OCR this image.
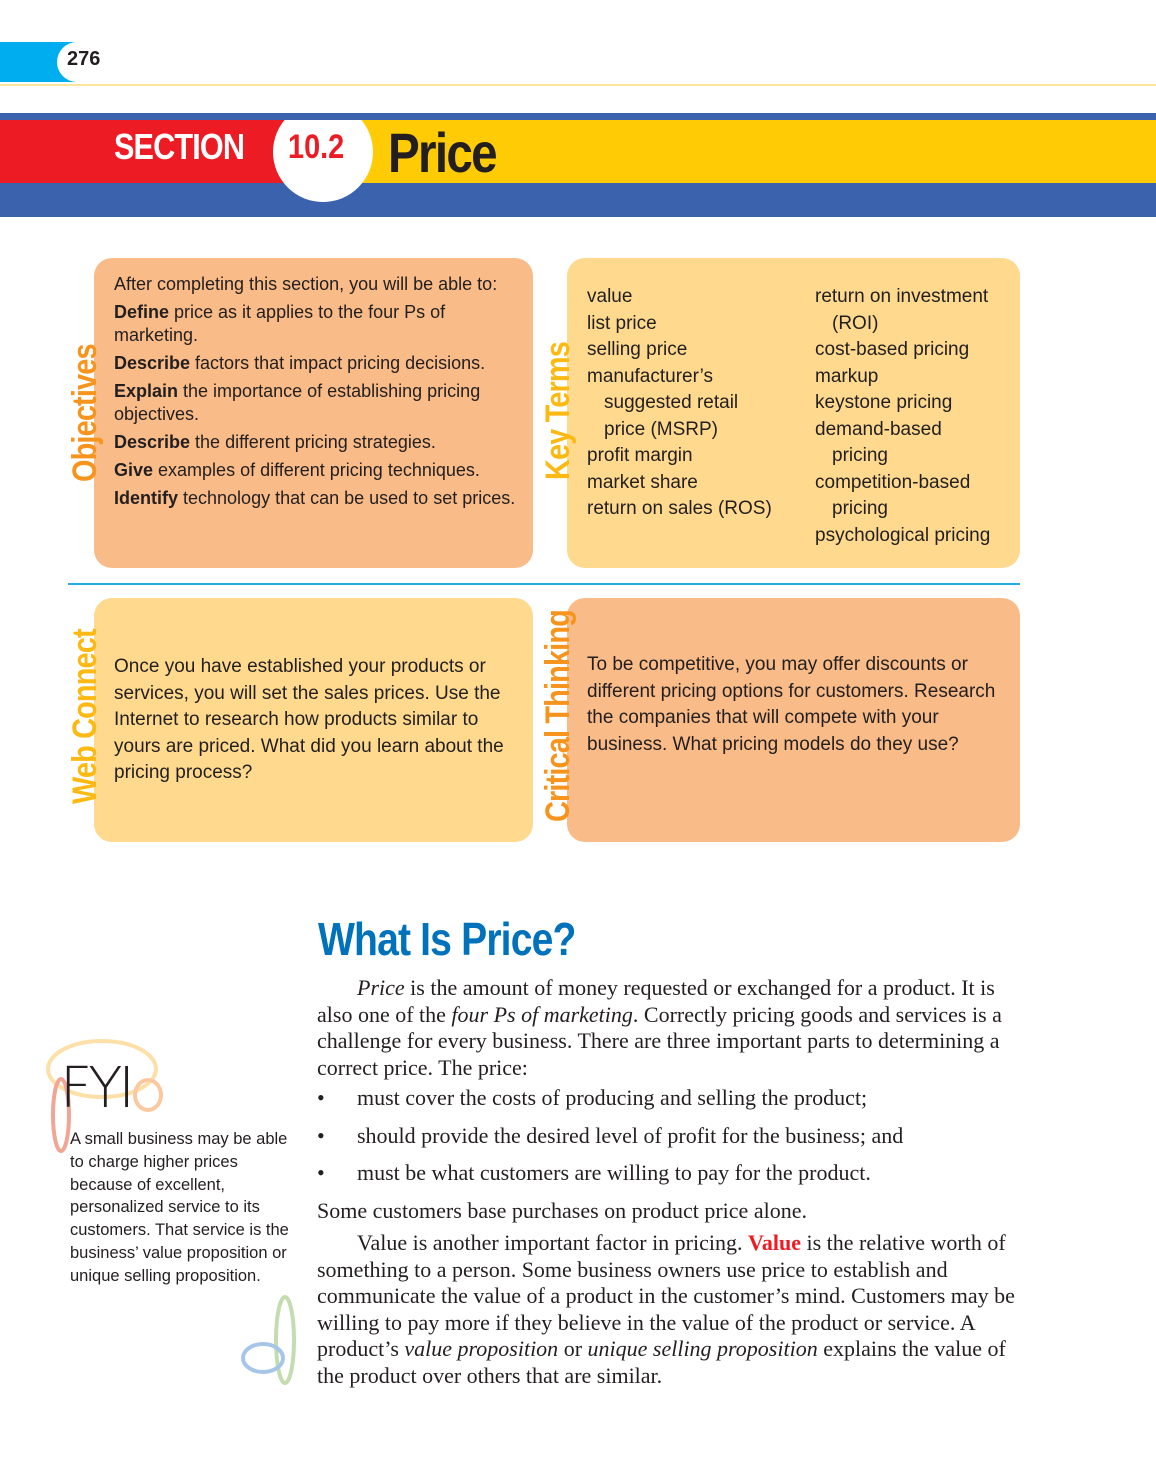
276
SECTION 10.2 Price
Objectives

After completing this section, you will be able to:

Define price as it applies to the four Ps of marketing.

Describe factors that impact pricing decisions.

Explain the importance of establishing pricing objectives.

Describe the different pricing strategies.

Give examples of different pricing techniques.

Identify technology that can be used to set prices.

Key Terms
value
list price
selling price
manufacturer’s
suggested retail
price (MSRP)
profit margin
market share
return on sales (ROS)
return on investment
(ROI)
cost-based pricing
markup
keystone pricing
demand-based
pricing
competition-based
pricing
psychological pricing
Web Connect Once you have established your products or services, you will set the sales prices. Use the Internet to research how products similar to yours are priced. What did you learn about the pricing process?	Critical Thinking To be competitive, you may offer discounts or different pricing options for customers. Research the companies that will compete with your business. What pricing models do they use?
What Is Price?

Price is the amount of money requested or exchanged for a product. It is also one of the four Ps of marketing. Correctly pricing goods and services is a challenge for every business. There are three important parts to determining a correct price. The price:

• must cover the costs of producing and selling the product;
• should provide the desired level of profit for the business; and
• must be what customers are willing to pay for the product.

Some customers base purchases on product price alone.

Value is another important factor in pricing. Value is the relative worth of something to a person. Some business owners use price to establish and communicate the value of a product in the customer’s mind. Customers may be willing to pay more if they believe in the value of the product or service. A product’s value proposition or unique selling proposition explains the value of the product over others that are similar.

FYI
A small business may be able to charge higher prices because of excellent, personalized service to its customers. That service is the business’ value proposition or unique selling proposition.
